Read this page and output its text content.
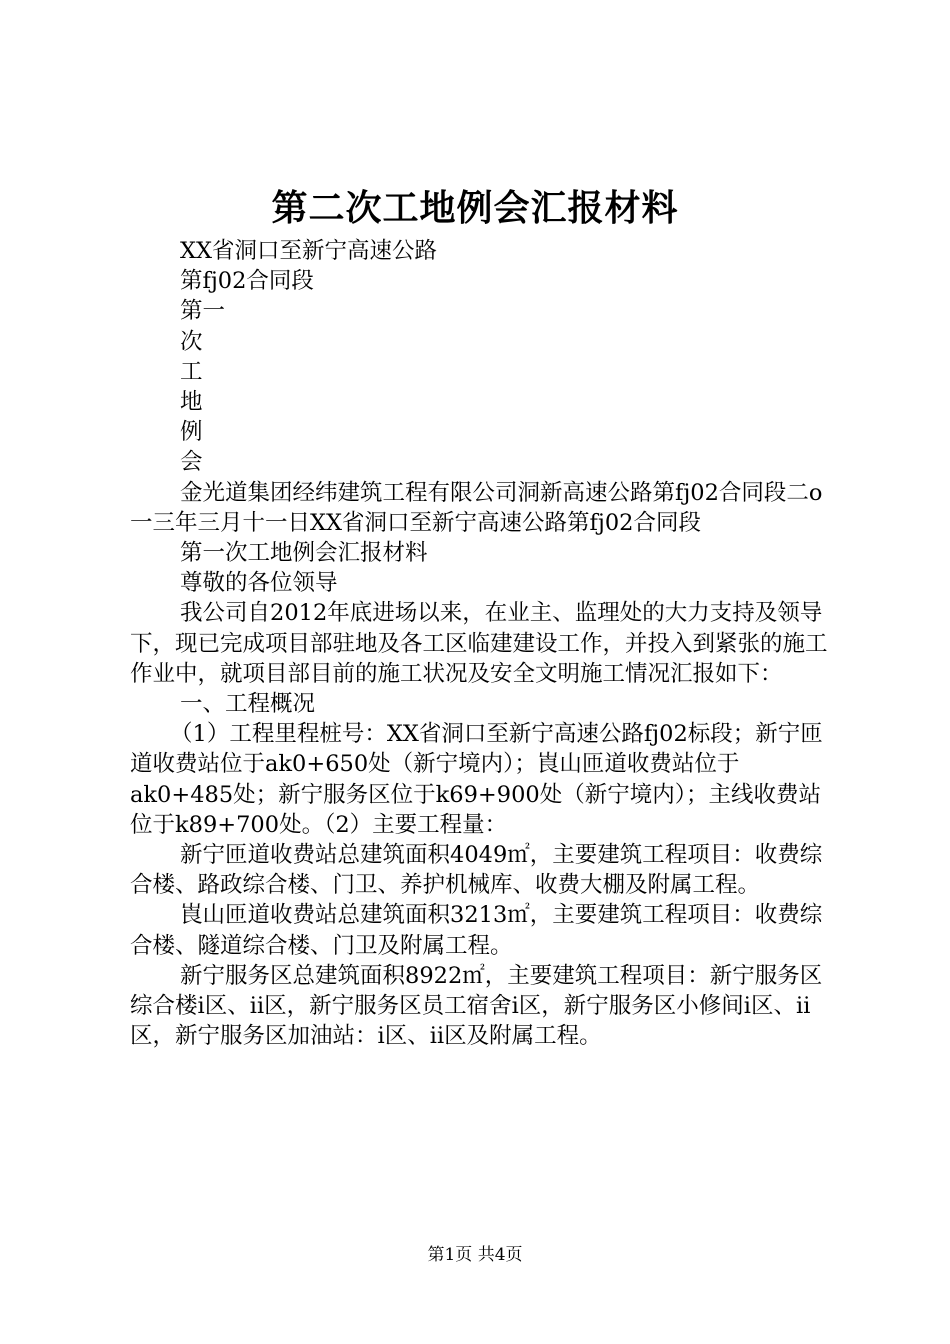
第二次工地例会汇报材料

XX省洞口至新宁高速公路

第fj02合同段

第一

次

工

地

例

会

金光道集团经纬建筑工程有限公司洞新高速公路第fj02合同段二ο一三年三月十一日XX省洞口至新宁高速公路第fj02合同段

第一次工地例会汇报材料

尊敬的各位领导

我公司自2012年底进场以来，在业主、监理处的大力支持及领导下，现已完成项目部驻地及各工区临建建设工作，并投入到紧张的施工作业中，就项目部目前的施工状况及安全文明施工情况汇报如下：

一、工程概况

（1）工程里程桩号：XX省洞口至新宁高速公路fj02标段；新宁匝道收费站位于ak0+650处（新宁境内）；崀山匝道收费站位于ak0+485处；新宁服务区位于k69+900处（新宁境内）；主线收费站位于k89+700处。（2）主要工程量：

新宁匝道收费站总建筑面积4049㎡，主要建筑工程项目：收费综合楼、路政综合楼、门卫、养护机械库、收费大棚及附属工程。

崀山匝道收费站总建筑面积3213㎡，主要建筑工程项目：收费综合楼、隧道综合楼、门卫及附属工程。

新宁服务区总建筑面积8922㎡，主要建筑工程项目：新宁服务区综合楼ⅰ区、ⅱ区，新宁服务区员工宿舍ⅰ区，新宁服务区小修间ⅰ区、ⅱ区，新宁服务区加油站：ⅰ区、ⅱ区及附属工程。

第1页 共4页
